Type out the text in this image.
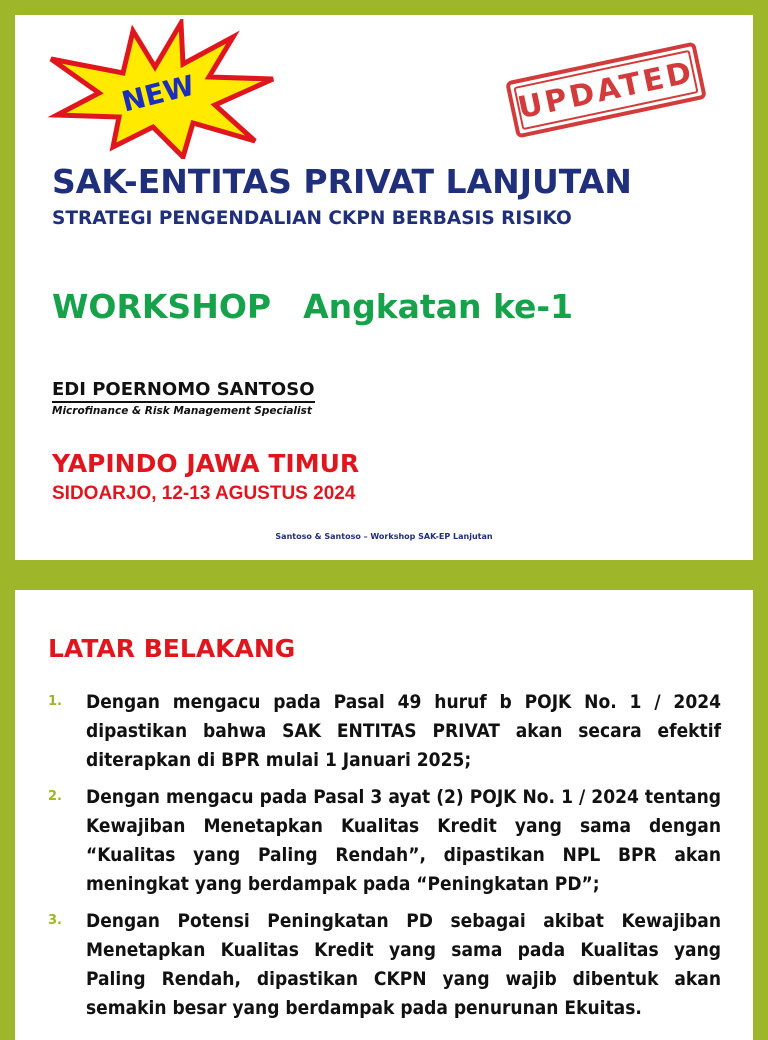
NEW	UPDATED
SAK-ENTITAS PRIVAT LANJUTAN
STRATEGI PENGENDALIAN CKPN BERBASIS RISIKO
WORKSHOP Angkatan ke-1
EDI POERNOMO SANTOSO
Microfinance & Risk Management Specialist
YAPINDO JAWA TIMUR
SIDOARJO, 12-13 AGUSTUS 2024
Santoso & Santoso – Workshop SAK-EP Lanjutan
LATAR BELAKANG
1. Dengan mengacu pada Pasal 49 huruf b POJK No. 1 / 2024 dipastikan bahwa SAK ENTITAS PRIVAT akan secara efektif diterapkan di BPR mulai 1 Januari 2025;
2. Dengan mengacu pada Pasal 3 ayat (2) POJK No. 1 / 2024 tentang Kewajiban Menetapkan Kualitas Kredit yang sama dengan “Kualitas yang Paling Rendah”, dipastikan NPL BPR akan meningkat yang berdampak pada “Peningkatan PD”;
3. Dengan Potensi Peningkatan PD sebagai akibat Kewajiban Menetapkan Kualitas Kredit yang sama pada Kualitas yang Paling Rendah, dipastikan CKPN yang wajib dibentuk akan semakin besar yang berdampak pada penurunan Ekuitas.
